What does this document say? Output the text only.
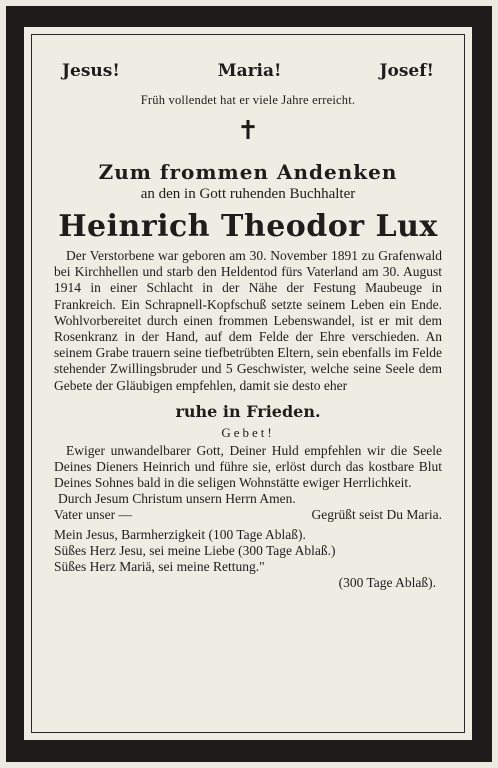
Jesus!	Maria!	Josef!
Früh vollendet hat er viele Jahre erreicht.
✝
Zum frommen Andenken
an den in Gott ruhenden Buchhalter
Heinrich Theodor Lux
Der Verstorbene war geboren am 30. November 1891 zu Grafenwald bei Kirchhellen und starb den Heldentod fürs Vaterland am 30. August 1914 in einer Schlacht in der Nähe der Festung Maubeuge in Frankreich. Ein Schrapnell-Kopfschuß setzte seinem Leben ein Ende. Wohlvorbereitet durch einen frommen Lebenswandel, ist er mit dem Rosenkranz in der Hand, auf dem Felde der Ehre verschieden. An seinem Grabe trauern seine tiefbetrübten Eltern, sein ebenfalls im Felde stehender Zwillingsbruder und 5 Geschwister, welche seine Seele dem Gebete der Gläubigen empfehlen, damit sie desto eher
ruhe in Frieden.
Gebet!
Ewiger unwandelbarer Gott, Deiner Huld empfehlen wir die Seele Deines Dieners Heinrich und führe sie, erlöst durch das kostbare Blut Deines Sohnes bald in die seligen Wohnstätte ewiger Herrlichkeit.
Durch Jesum Christum unsern Herrn Amen.
Vater unser —	Gegrüßt seist Du Maria.
Mein Jesus, Barmherzigkeit (100 Tage Ablaß).
Süßes Herz Jesu, sei meine Liebe (300 Tage Ablaß.)
Süßes Herz Mariä, sei meine Rettung."
(300 Tage Ablaß).
